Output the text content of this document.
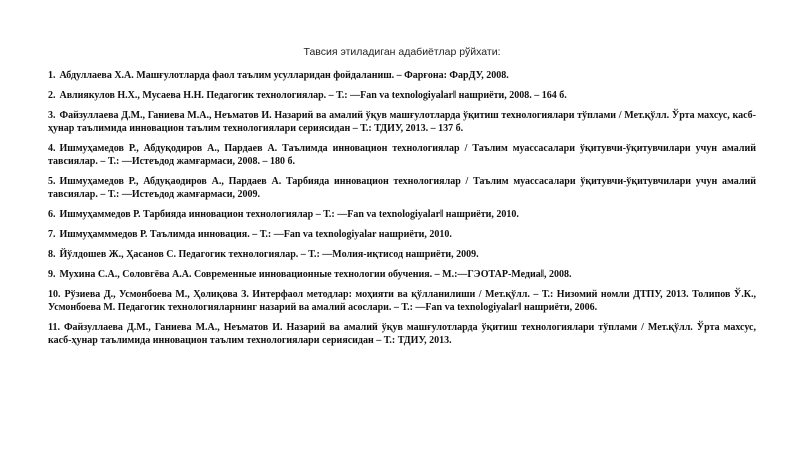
Тавсия этиладиган адабиётлар рўйхати:
1. Абдуллаева Х.А. Машғулотларда фаол таълим усулларидан фойдаланиш. – Фарғона: ФарДУ, 2008.
2. Авлиякулов Н.Х., Мусаева Н.Н. Педагогик технологиялар. – Т.: ―Fan va texnologiyalar‖ нашриёти, 2008. – 164 б.
3. Файзуллаева Д.М., Ганиева М.А., Неъматов И. Назарий ва амалий ўқув машғулотларда ўқитиш технологиялари тўплами / Мет.қўлл. Ўрта махсус, касб-ҳунар таълимида инновацион таълим технологиялари сериясидан – Т.: ТДИУ, 2013. – 137 б.
4. Ишмуҳамедов Р., Абдуқодиров А., Пардаев А. Таълимда инновацион технологиялар / Таълим муассасалари ўқитувчи-ўқитувчилари учун амалий тавсиялар. – Т.: ―Истеъдод жамғармаси, 2008. – 180 б.
5. Ишмуҳамедов Р., Абдуқаодиров А., Пардаев А. Тарбияда инновацион технологиялар / Таълим муассасалари ўқитувчи-ўқитувчилари учун амалий тавсиялар. – Т.: ―Истеъдод жамғармаси, 2009.
6. Ишмуҳаммедов Р. Тарбияда инновацион технологиялар – Т.: ―Fan va texnologiyalar‖ нашриёти, 2010.
7. Ишмуҳамммедов Р. Таълимда инновация. – Т.: ―Fan va texnologiyalar нашриёти, 2010.
8. Йўлдошев Ж., Ҳасанов С. Педагогик технологиялар. – Т.: ―Молия-иқтисод нашриёти, 2009.
9. Мухина С.А., Соловгёва А.А. Современные инновационные технологии обучения. – М.:―ГЭОТАР-Медиа‖, 2008.
10. Рўзиева Д., Усмонбоева М., Ҳолиқова З. Интерфаол методлар: моҳияти ва қўлланилиши / Мет.қўлл. – Т.: Низомий номли ДТПУ, 2013. Толипов Ў.К., Усмонбоева М. Педагогик технологияларнинг назарий ва амалий асослари. – Т.: ―Fan va texnologiyalar‖ нашриёти, 2006.
11. Файзуллаева Д.М., Ганиева М.А., Неъматов И. Назарий ва амалий ўқув машғулотларда ўқитиш технологиялари тўплами / Мет.қўлл. Ўрта махсус, касб-ҳунар таълимида инновацион таълим технологиялари сериясидан – Т.: ТДИУ, 2013.
